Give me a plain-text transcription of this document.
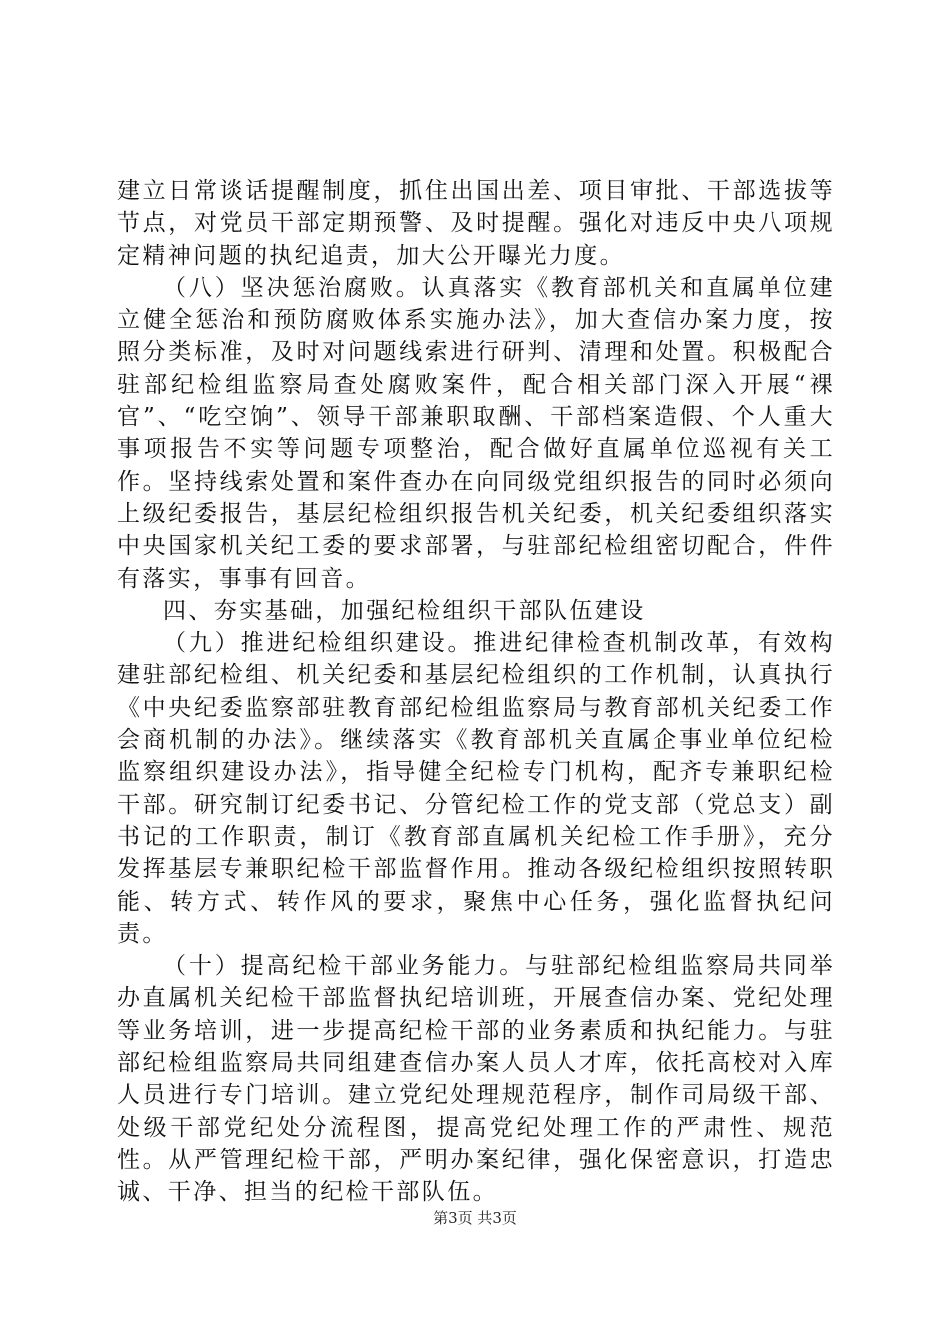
建立日常谈话提醒制度，抓住出国出差、项目审批、干部选拔等节点，对党员干部定期预警、及时提醒。强化对违反中央八项规定精神问题的执纪追责，加大公开曝光力度。

（八）坚决惩治腐败。认真落实《教育部机关和直属单位建立健全惩治和预防腐败体系实施办法》，加大查信办案力度，按照分类标准，及时对问题线索进行研判、清理和处置。积极配合驻部纪检组监察局查处腐败案件，配合相关部门深入开展“裸官”、“吃空饷”、领导干部兼职取酬、干部档案造假、个人重大事项报告不实等问题专项整治，配合做好直属单位巡视有关工作。坚持线索处置和案件查办在向同级党组织报告的同时必须向上级纪委报告，基层纪检组织报告机关纪委，机关纪委组织落实中央国家机关纪工委的要求部署，与驻部纪检组密切配合，件件有落实，事事有回音。

四、夯实基础，加强纪检组织干部队伍建设

（九）推进纪检组织建设。推进纪律检查机制改革，有效构建驻部纪检组、机关纪委和基层纪检组织的工作机制，认真执行《中央纪委监察部驻教育部纪检组监察局与教育部机关纪委工作会商机制的办法》。继续落实《教育部机关直属企事业单位纪检监察组织建设办法》，指导健全纪检专门机构，配齐专兼职纪检干部。研究制订纪委书记、分管纪检工作的党支部（党总支）副书记的工作职责，制订《教育部直属机关纪检工作手册》，充分发挥基层专兼职纪检干部监督作用。推动各级纪检组织按照转职能、转方式、转作风的要求，聚焦中心任务，强化监督执纪问责。

（十）提高纪检干部业务能力。与驻部纪检组监察局共同举办直属机关纪检干部监督执纪培训班，开展查信办案、党纪处理等业务培训，进一步提高纪检干部的业务素质和执纪能力。与驻部纪检组监察局共同组建查信办案人员人才库，依托高校对入库人员进行专门培训。建立党纪处理规范程序，制作司局级干部、处级干部党纪处分流程图，提高党纪处理工作的严肃性、规范性。从严管理纪检干部，严明办案纪律，强化保密意识，打造忠诚、干净、担当的纪检干部队伍。

第3页 共3页
